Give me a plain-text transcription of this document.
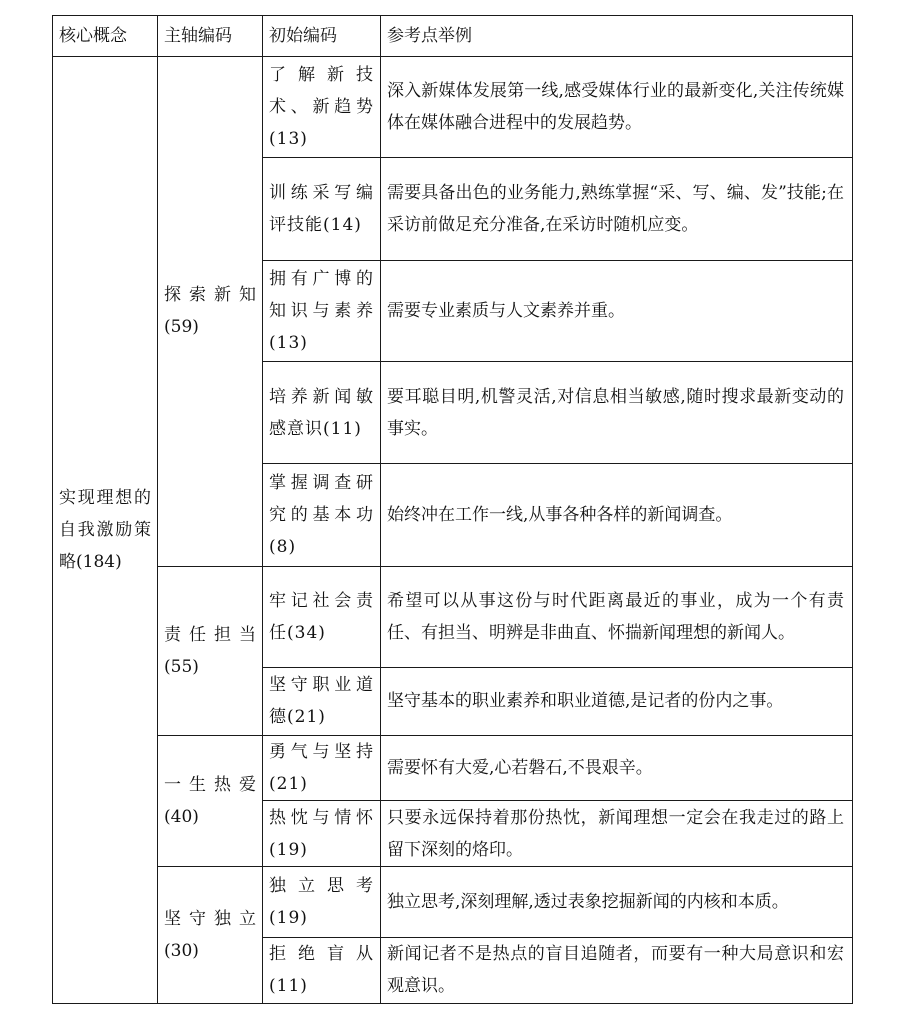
核心概念	主轴编码	初始编码	参考点举例
实现理想的自我激励策略(184)	探索新知(59)	了解新技术、新趋势(13)	深入新媒体发展第一线,感受媒体行业的最新变化,关注传统媒体在媒体融合进程中的发展趋势。
		训练采写编评技能(14)	需要具备出色的业务能力,熟练掌握“采、写、编、发”技能;在采访前做足充分准备,在采访时随机应变。
		拥有广博的知识与素养(13)	需要专业素质与人文素养并重。
		培养新闻敏感意识(11)	要耳聪目明,机警灵活,对信息相当敏感,随时搜求最新变动的事实。
		掌握调查研究的基本功(8)	始终冲在工作一线,从事各种各样的新闻调查。
	责任担当(55)	牢记社会责任(34)	希望可以从事这份与时代距离最近的事业，成为一个有责任、有担当、明辨是非曲直、怀揣新闻理想的新闻人。
		坚守职业道德(21)	坚守基本的职业素养和职业道德,是记者的份内之事。
	一生热爱(40)	勇气与坚持(21)	需要怀有大爱,心若磐石,不畏艰辛。
		热忱与情怀(19)	只要永远保持着那份热忱，新闻理想一定会在我走过的路上留下深刻的烙印。
	坚守独立(30)	独立思考(19)	独立思考,深刻理解,透过表象挖掘新闻的内核和本质。
		拒绝盲从(11)	新闻记者不是热点的盲目追随者，而要有一种大局意识和宏观意识。
